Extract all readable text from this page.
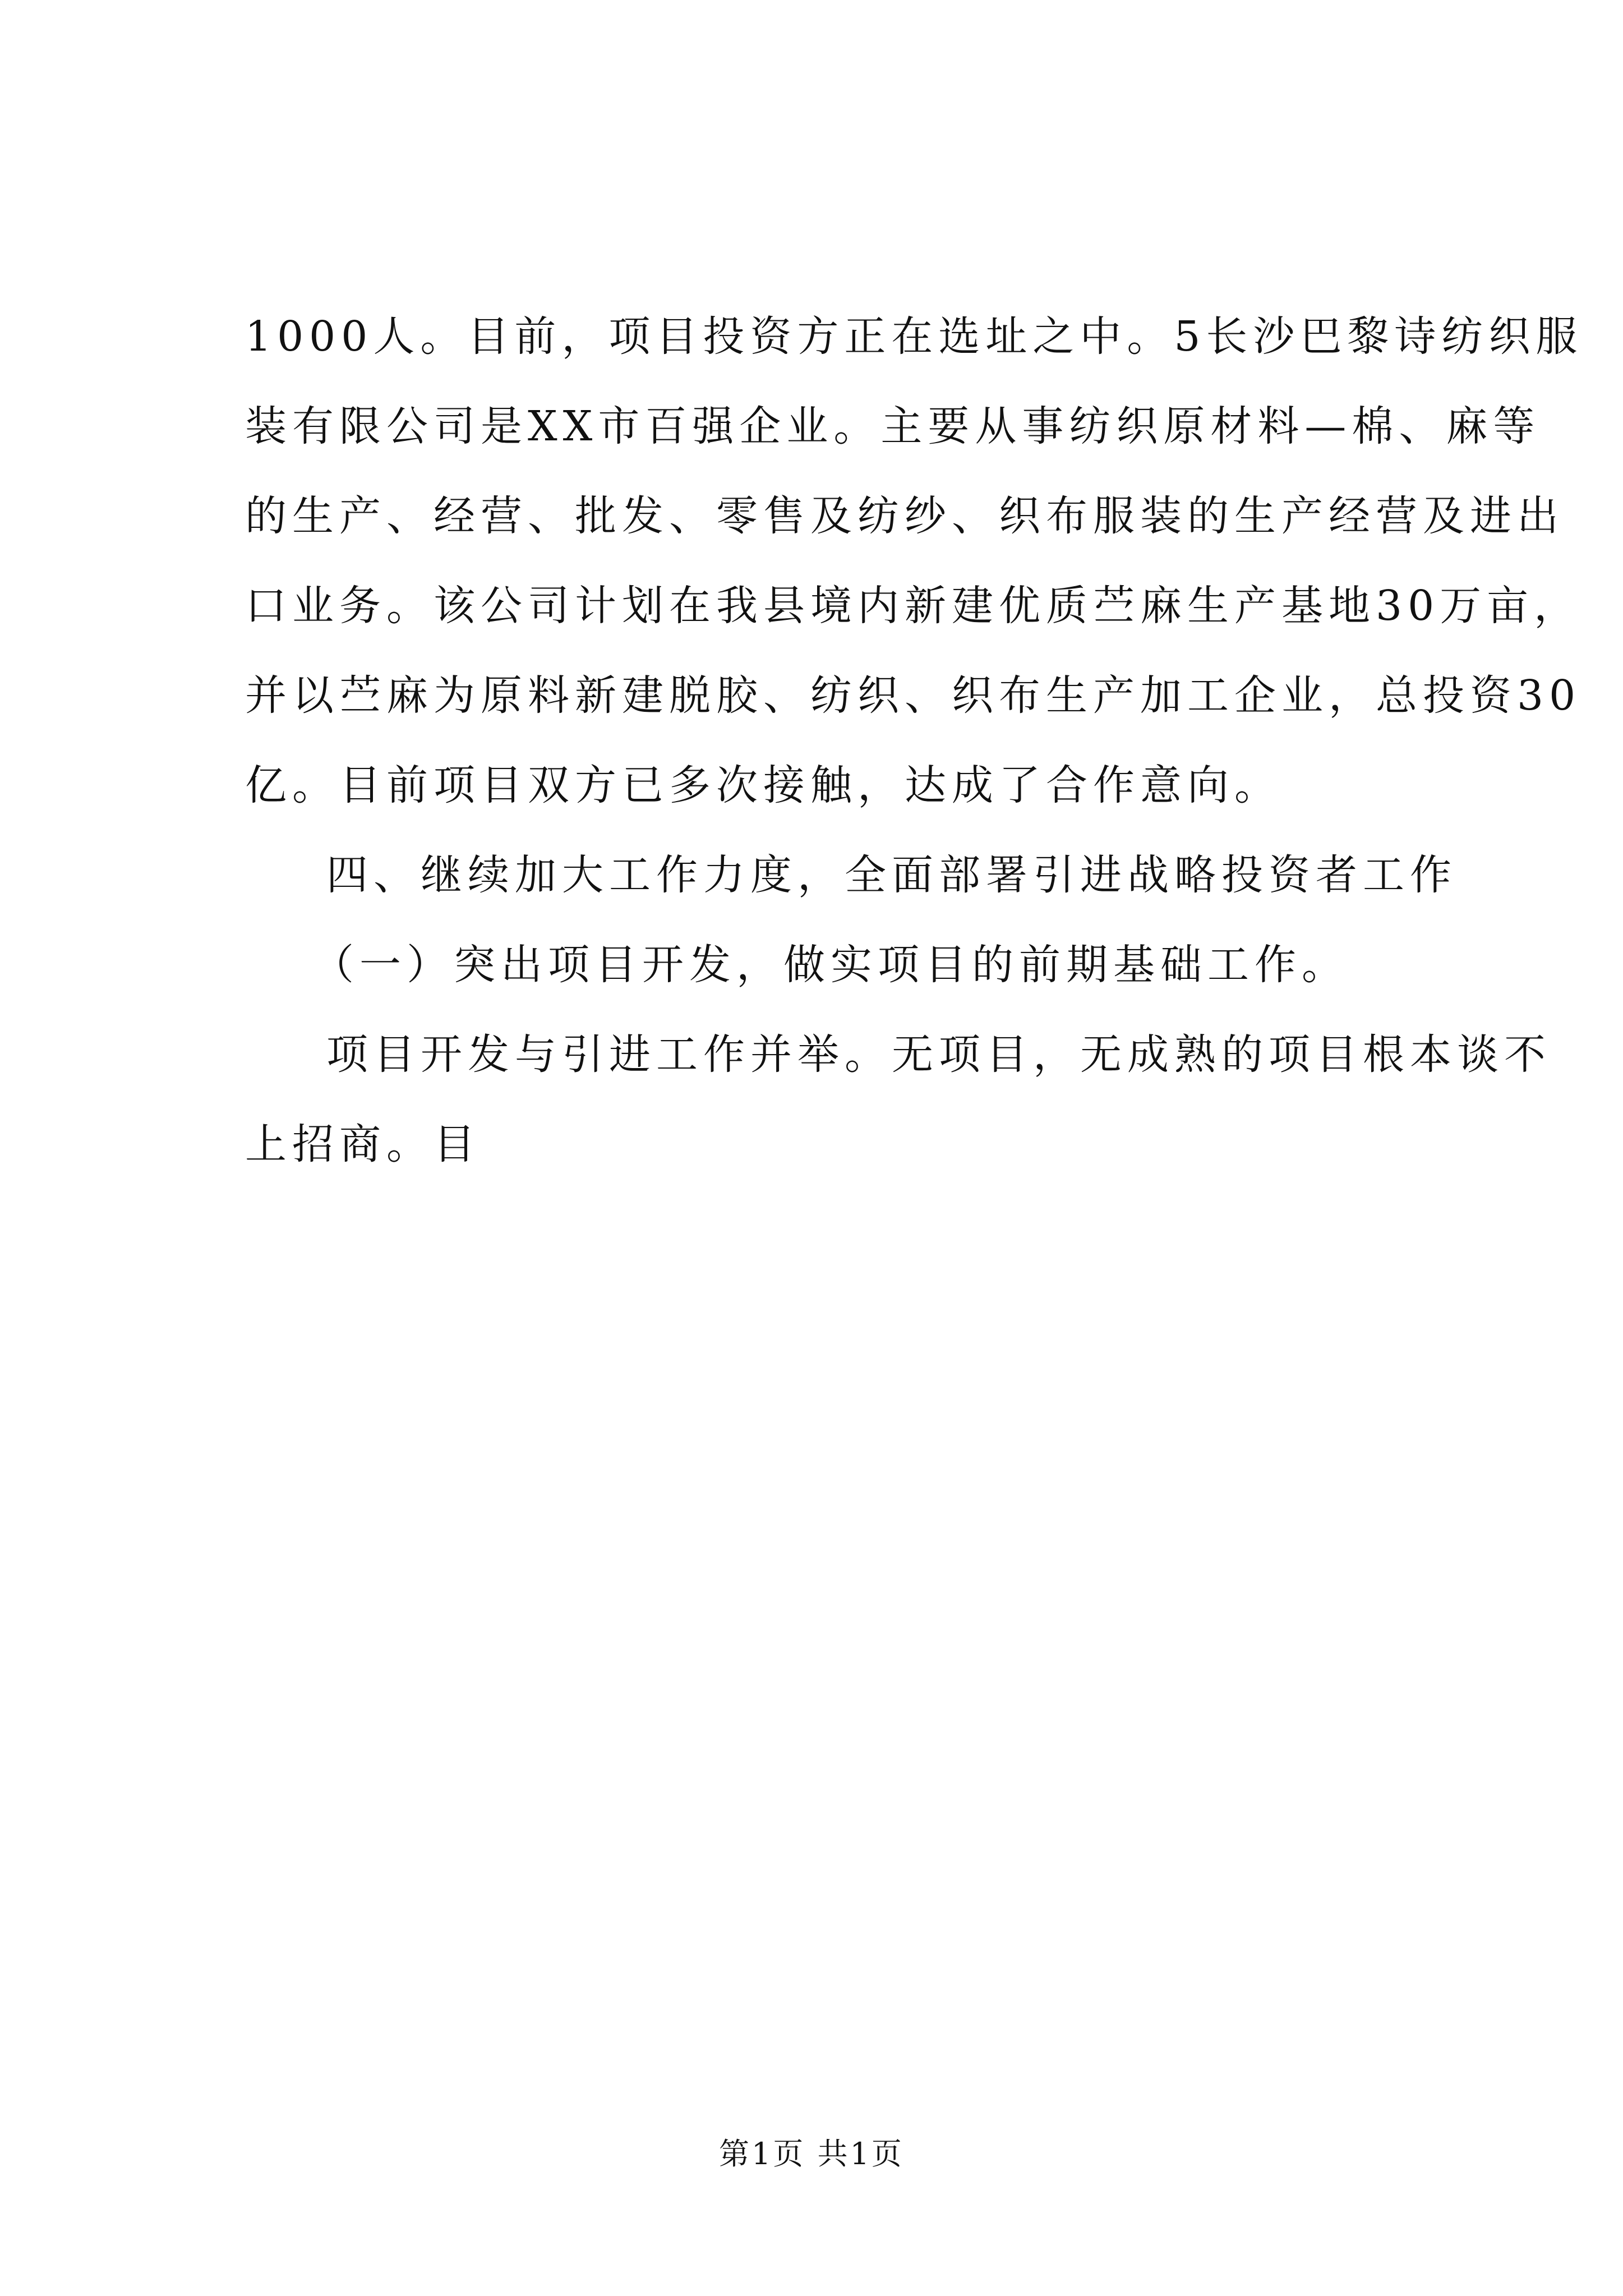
1000人。目前，项目投资方正在选址之中。5长沙巴黎诗纺织服
装有限公司是XX市百强企业。主要从事纺织原材料—棉、麻等
的生产、经营、批发、零售及纺纱、织布服装的生产经营及进出
口业务。该公司计划在我县境内新建优质苎麻生产基地30万亩，
并以苎麻为原料新建脱胶、纺织、织布生产加工企业，总投资30
亿。目前项目双方已多次接触，达成了合作意向。
四、继续加大工作力度，全面部署引进战略投资者工作
（一）突出项目开发，做实项目的前期基础工作。
项目开发与引进工作并举。无项目，无成熟的项目根本谈不
上招商。目
第1页 共1页
